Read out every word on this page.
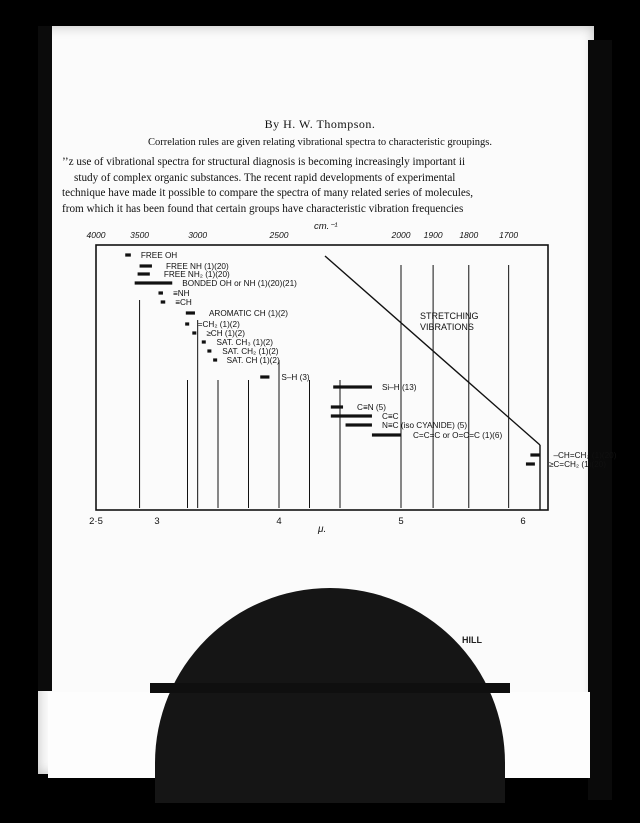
By H. W. Thompson.
Correlation rules are given relating vibrational spectra to characteristic groupings.
’’z use of vibrational spectra for structural diagnosis is becoming increasingly important ii
study of complex organic substances. The recent rapid developments of experimental
technique have made it possible to compare the spectra of many related series of molecules,
from which it has been found that certain groups have characteristic vibration frequencies
4000	3500	3000	2500	2000 1900 1800 1700
2·5	3	4	5	6
FREE OH
FREE NH (1)(20)
FREE NH₂ (1)(20)
BONDED OH or NH (1)(20)(21)
≡NH
≡CH
AROMATIC CH (1)(2)
=CH₂ (1)(2)
≥CH (1)(2)
SAT. CH₃ (1)(2)
SAT. CH₂ (1)(2)
SAT. CH (1)(2)
S–H (3)
Si–H (13)
C≡N (5)
C≡C
N≡C (iso CYANIDE) (5)
C=C=C or O=C=C (1)(6)
–CH=CH₂ (1)(20)
≥C=CH₂ (1)(20)
cm.⁻¹
μ.
STRETCHING
VIBRATIONS
HILL
